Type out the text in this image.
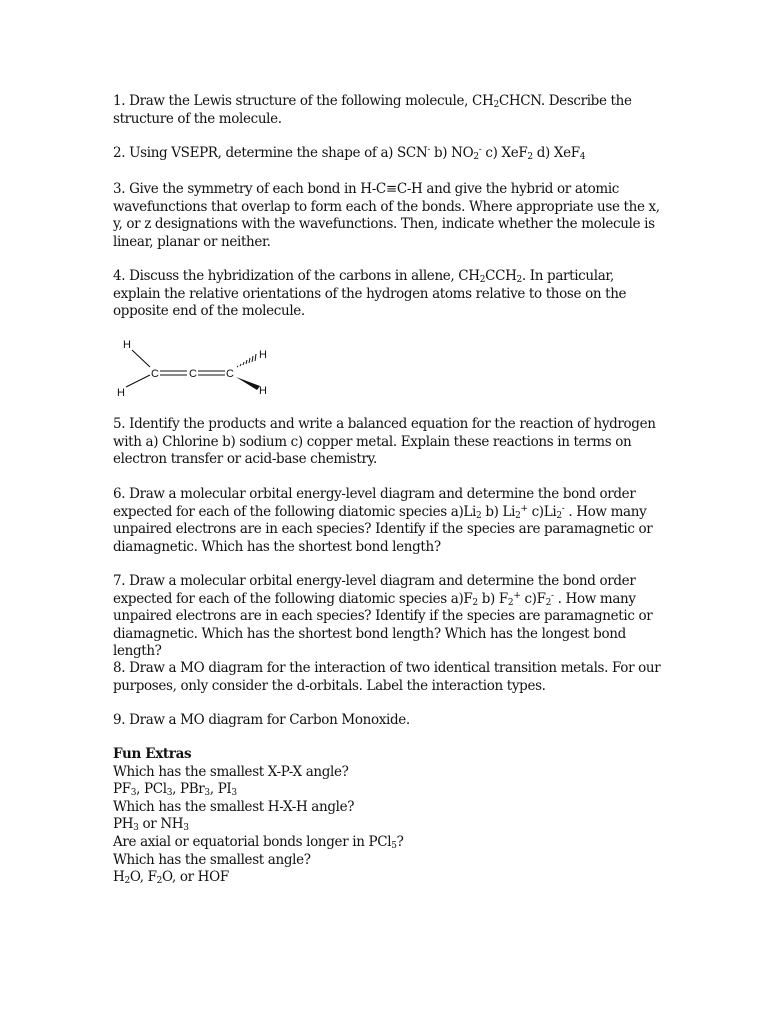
1. Draw the Lewis structure of the following molecule, $CH_2CHCN$. Describe the structure of the molecule.

2. Using VSEPR, determine the shape of a) SCN- b) $NO_2^-$ c) XeF$_2$ d) XeF$_4$

3. Give the symmetry of each bond in H-C≡C-H and give the hybrid or atomic wavefunctions that overlap to form each of the bonds. Where appropriate use the x, y, or z designations with the wavefunctions. Then, indicate whether the molecule is linear, planar or neither.

4. Discuss the hybridization of the carbons in allene, $CH_2CCH_2$. In particular, explain the relative orientations of the hydrogen atoms relative to those on the opposite end of the molecule.

H
H
C	C	C
H
H

5. Identify the products and write a balanced equation for the reaction of hydrogen with a) Chlorine b) sodium c) copper metal. Explain these reactions in terms on electron transfer or acid-base chemistry.

6. Draw a molecular orbital energy-level diagram and determine the bond order expected for each of the following diatomic species $a)Li_2$ b) $Li_2^+$ $c)Li_2^-$ . How many unpaired electrons are in each species? Identify if the species are paramagnetic or diamagnetic. Which has the shortest bond length?

7. Draw a molecular orbital energy-level diagram and determine the bond order expected for each of the following diatomic species $a)F_2$ b) $F_2^+$ $c)F_2^-$ . How many unpaired electrons are in each species? Identify if the species are paramagnetic or diamagnetic. Which has the shortest bond length? Which has the longest bond length?

8. Draw a MO diagram for the interaction of two identical transition metals. For our purposes, only consider the d-orbitals. Label the interaction types.

9. Draw a MO diagram for Carbon Monoxide.

Fun Extras

Which has the smallest X-P-X angle?

$PF_3$, PCl$_3$, PBr$_3$, $PI_3$

Which has the smallest H-X-H angle?

$PH_3$ or $NH_3$

Are axial or equatorial bonds longer in PCl$_5$?

Which has the smallest angle?

$H_2O$, $F_2O$, or HOF
